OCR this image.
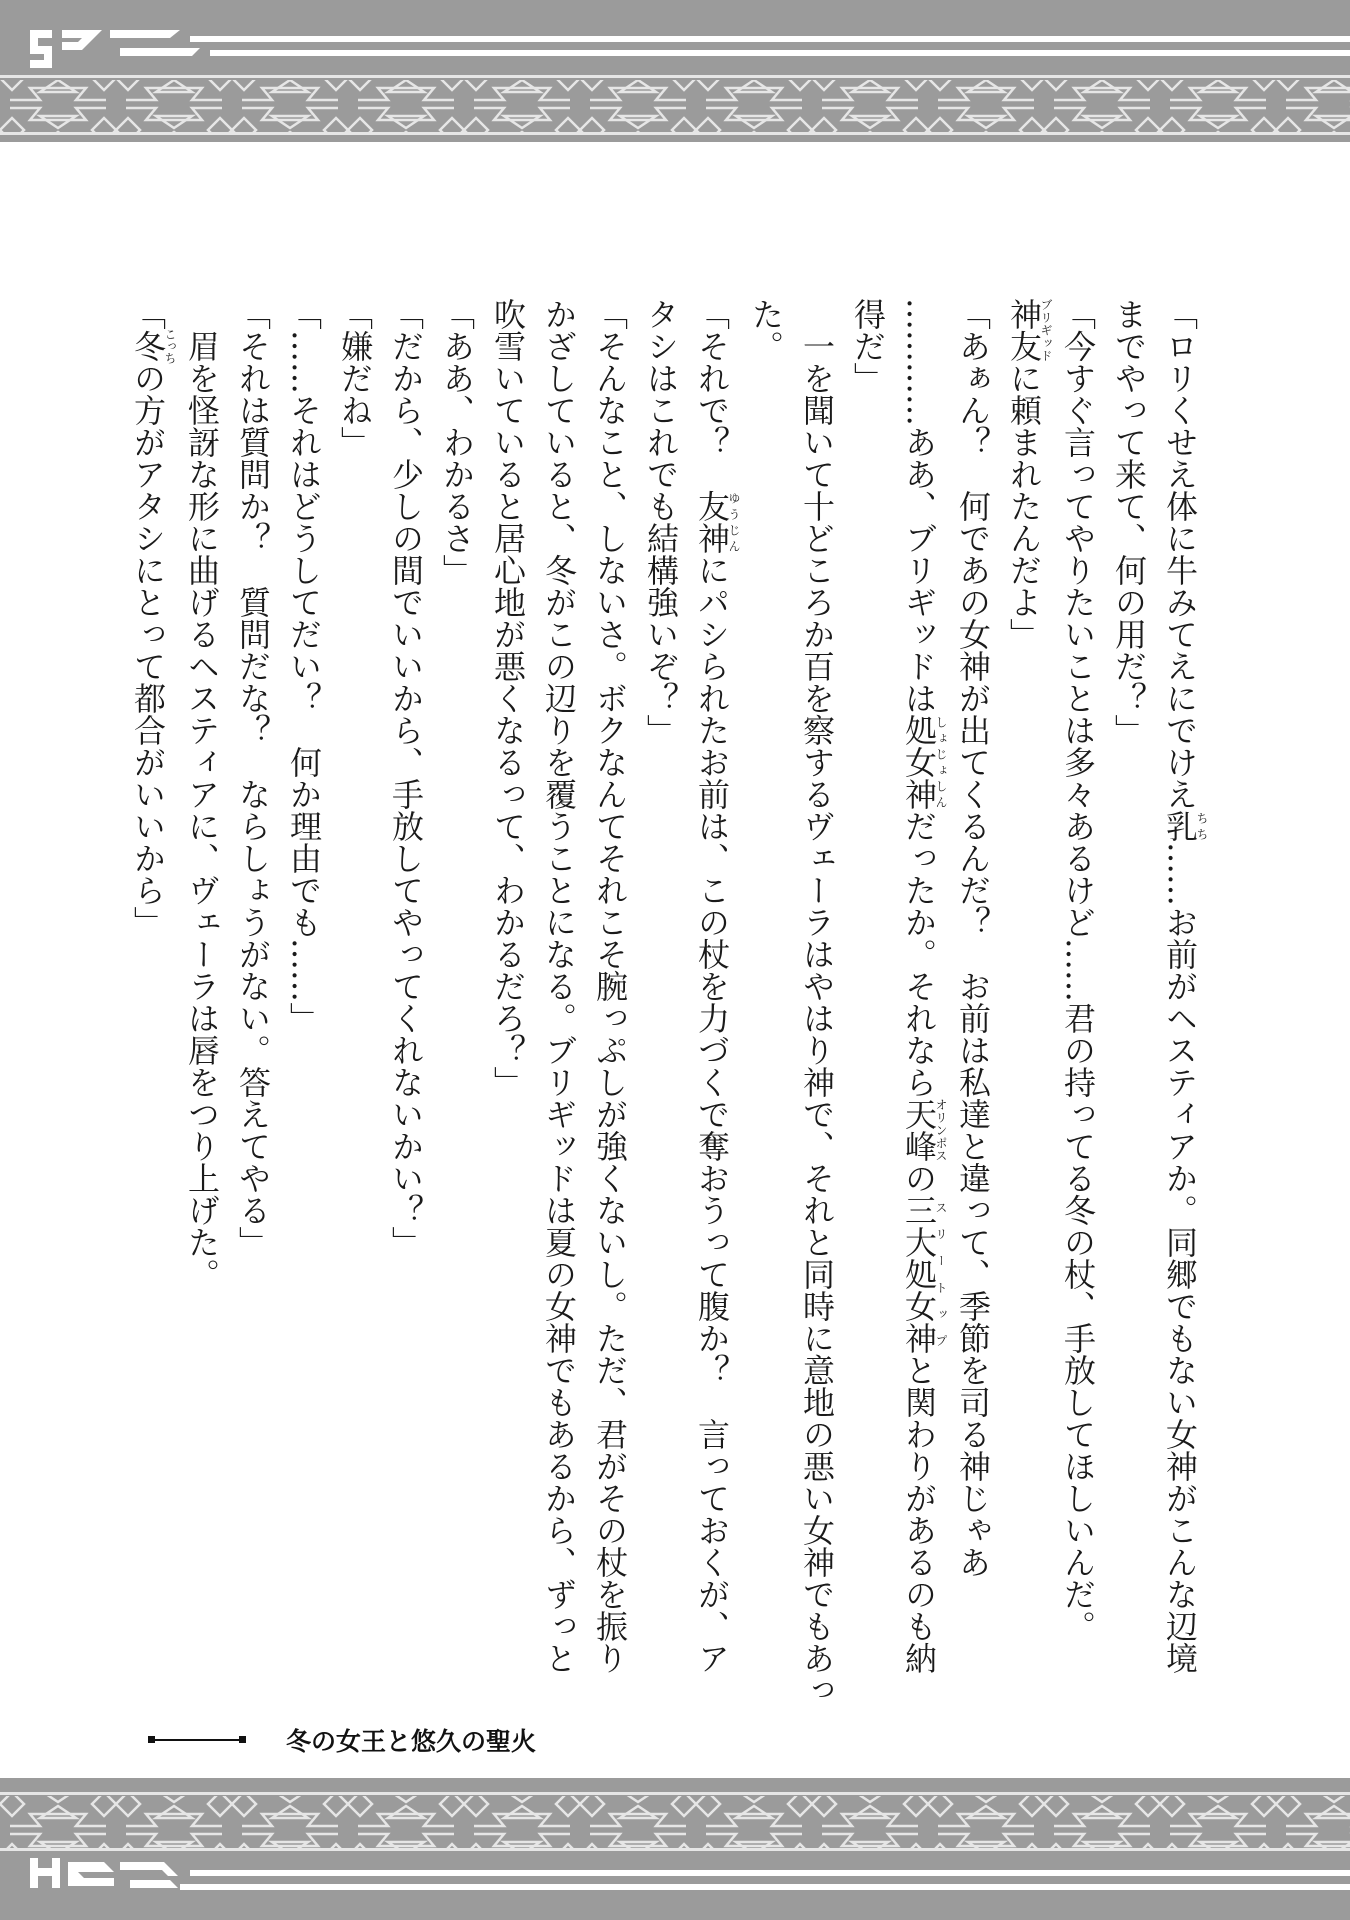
「ロリくせえ体に牛みてえにでけえ乳ちち……お前がヘスティアか。同郷でもない女神がこんな辺境
までやって来て、何の用だ？」
「今すぐ言ってやりたいことは多々あるけど……君の持ってる冬の杖、手放してほしいんだ。
神友ブリギッドに頼まれたんだよ」
「あぁん？　何であの女神が出てくるんだ？　お前は私達と違って、季節を司る神じゃあ
…………ああ、ブリギッドは処女神しょじょしんだったか。それなら天峰オリンポスの三大処女神スリートップと関わりがあるのも納
得だ」
一を聞いて十どころか百を察するヴェーラはやはり神で、それと同時に意地の悪い女神でもあっ
た。
「それで？　友神ゆうじんにパシられたお前は、この杖を力づくで奪おうって腹か？　言っておくが、ア
タシはこれでも結構強いぞ？」
「そんなこと、しないさ。ボクなんてそれこそ腕っぷしが強くないし。ただ、君がその杖を振り
かざしていると、冬がこの辺りを覆うことになる。ブリギッドは夏の女神でもあるから、ずっと
吹雪いていると居心地が悪くなるって、わかるだろ？」
「ああ、わかるさ」
「だから、少しの間でいいから、手放してやってくれないかい？」
「嫌だね」
「……それはどうしてだい？　何か理由でも……」
「それは質問か？　質問だな？　ならしょうがない。答えてやる」
眉を怪訝な形に曲げるヘスティアに、ヴェーラは唇をつり上げた。
「冬こっちの方がアタシにとって都合がいいから」
冬の女王と悠久の聖火
